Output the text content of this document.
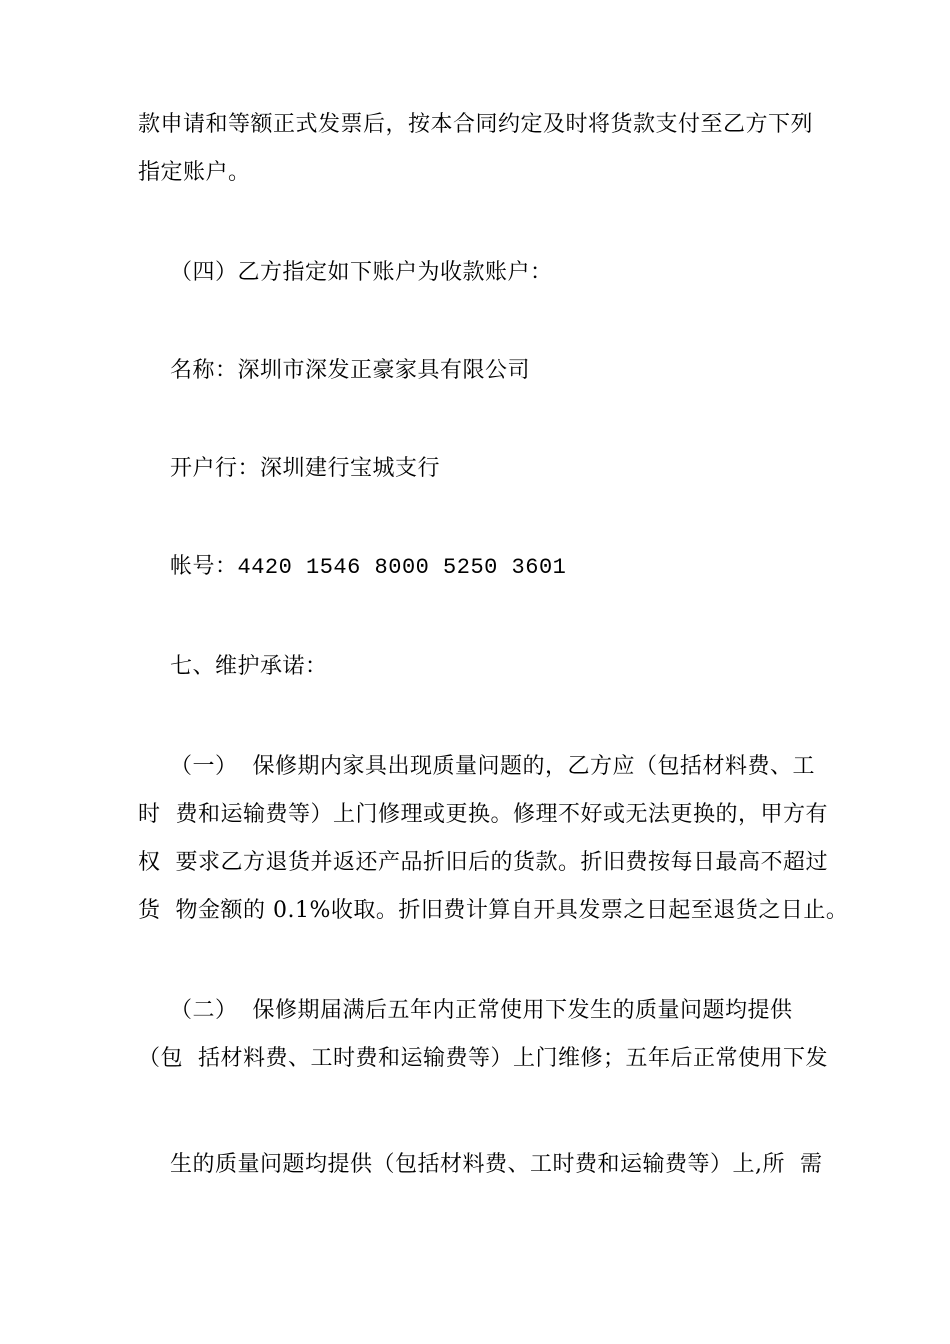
款申请和等额正式发票后，按本合同约定及时将货款支付至乙方下列
指定账户。
（四）乙方指定如下账户为收款账户：
名称：深圳市深发正豪家具有限公司
开户行：深圳建行宝城支行
帐号：4420 1546 8000 5250 3601
七、维护承诺：
（一）  保修期内家具出现质量问题的，乙方应（包括材料费、工
时  费和运输费等）上门修理或更换。修理不好或无法更换的，甲方有
权  要求乙方退货并返还产品折旧后的货款。折旧费按每日最高不超过
货  物金额的 0.1%收取。折旧费计算自开具发票之日起至退货之日止。
（二）  保修期届满后五年内正常使用下发生的质量问题均提供
（包  括材料费、工时费和运输费等）上门维修；五年后正常使用下发
生的质量问题均提供（包括材料费、工时费和运输费等）上,所  需
